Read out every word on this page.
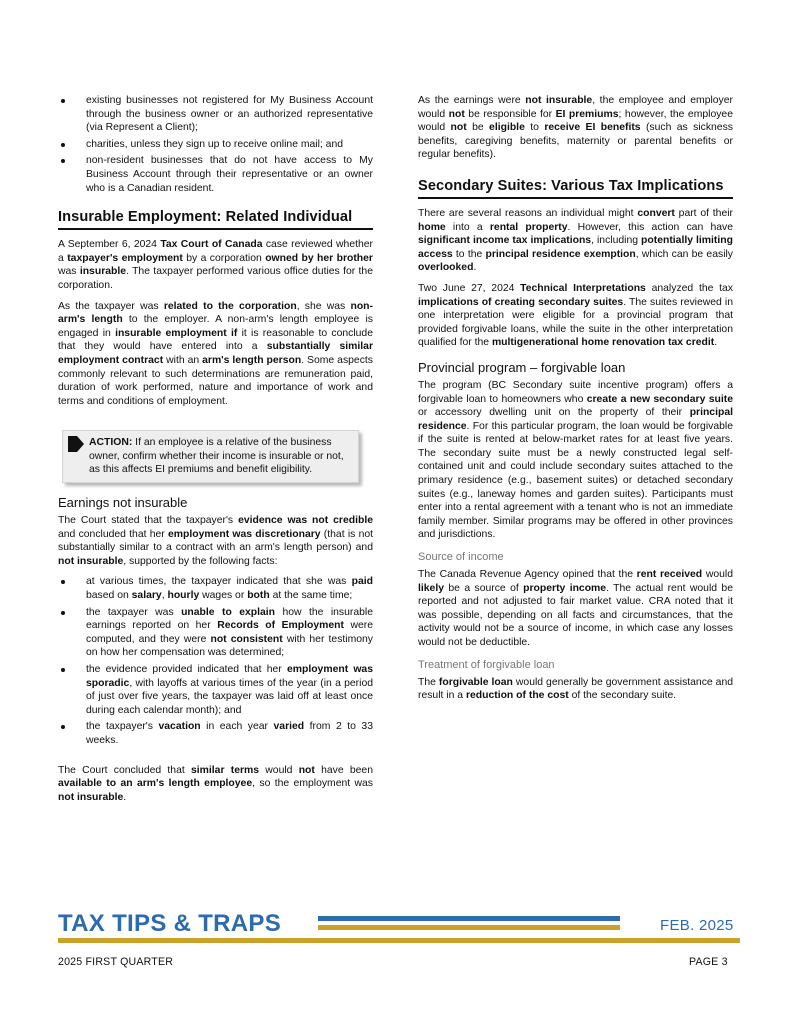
existing businesses not registered for My Business Account through the business owner or an authorized representative (via Represent a Client);
charities, unless they sign up to receive online mail; and
non-resident businesses that do not have access to My Business Account through their representative or an owner who is a Canadian resident.
Insurable Employment: Related Individual

A September 6, 2024 Tax Court of Canada case reviewed whether a taxpayer's employment by a corporation owned by her brother was insurable. The taxpayer performed various office duties for the corporation.

As the taxpayer was related to the corporation, she was non-arm's length to the employer. A non-arm's length employee is engaged in insurable employment if it is reasonable to conclude that they would have entered into a substantially similar employment contract with an arm's length person. Some aspects commonly relevant to such determinations are remuneration paid, duration of work performed, nature and importance of work and terms and conditions of employment.

ACTION: If an employee is a relative of the business owner, confirm whether their income is insurable or not, as this affects EI premiums and benefit eligibility.
Earnings not insurable

The Court stated that the taxpayer's evidence was not credible and concluded that her employment was discretionary (that is not substantially similar to a contract with an arm's length person) and not insurable, supported by the following facts:

at various times, the taxpayer indicated that she was paid based on salary, hourly wages or both at the same time;
the taxpayer was unable to explain how the insurable earnings reported on her Records of Employment were computed, and they were not consistent with her testimony on how her compensation was determined;
the evidence provided indicated that her employment was sporadic, with layoffs at various times of the year (in a period of just over five years, the taxpayer was laid off at least once during each calendar month); and
the taxpayer's vacation in each year varied from 2 to 33 weeks.

The Court concluded that similar terms would not have been available to an arm's length employee, so the employment was not insurable.

As the earnings were not insurable, the employee and employer would not be responsible for EI premiums; however, the employee would not be eligible to receive EI benefits (such as sickness benefits, caregiving benefits, maternity or parental benefits or regular benefits).

Secondary Suites: Various Tax Implications

There are several reasons an individual might convert part of their home into a rental property. However, this action can have significant income tax implications, including potentially limiting access to the principal residence exemption, which can be easily overlooked.

Two June 27, 2024 Technical Interpretations analyzed the tax implications of creating secondary suites. The suites reviewed in one interpretation were eligible for a provincial program that provided forgivable loans, while the suite in the other interpretation qualified for the multigenerational home renovation tax credit.

Provincial program – forgivable loan

The program (BC Secondary suite incentive program) offers a forgivable loan to homeowners who create a new secondary suite or accessory dwelling unit on the property of their principal residence. For this particular program, the loan would be forgivable if the suite is rented at below-market rates for at least five years. The secondary suite must be a newly constructed legal self-contained unit and could include secondary suites attached to the primary residence (e.g., basement suites) or detached secondary suites (e.g., laneway homes and garden suites). Participants must enter into a rental agreement with a tenant who is not an immediate family member. Similar programs may be offered in other provinces and jurisdictions.

Source of income

The Canada Revenue Agency opined that the rent received would likely be a source of property income. The actual rent would be reported and not adjusted to fair market value. CRA noted that it was possible, depending on all facts and circumstances, that the activity would not be a source of income, in which case any losses would not be deductible.

Treatment of forgivable loan

The forgivable loan would generally be government assistance and result in a reduction of the cost of the secondary suite.

TAX TIPS & TRAPS	FEB. 2025
2025 FIRST QUARTER	PAGE 3
